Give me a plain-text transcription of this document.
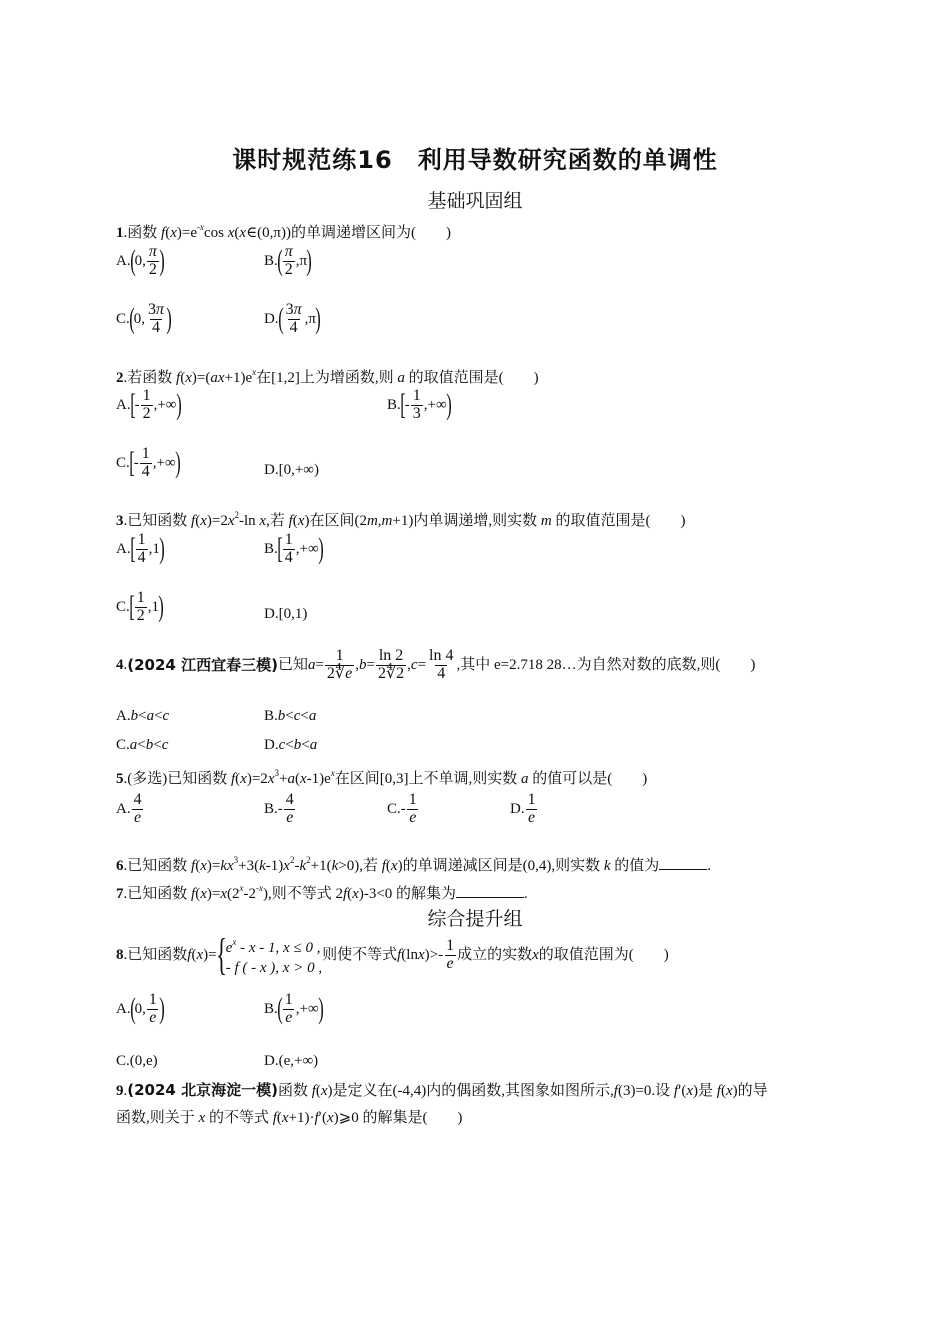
课时规范练16　利用导数研究函数的单调性
基础巩固组
1.函数 $f(x)=e^{-x}\cos$ x(x∈(0,π))的单调递增区间为(　　)
A. ( 0, $\frac{\pi}{2}$ )	B. ( $\frac{\pi}{2} ,\pi$ )
C. ( 0, $\frac{3\pi}{4}$ )	D. ( $\frac{3\pi}{4} ,\pi$ )
2.若函数 $f(x)=(ax+1)e^x$在[1,2]上为增函数,则 a 的取值范围是(　　)
A. [ - $\frac{1}{2}$ ,+∞ )	B. [ - $\frac{1}{3}$ ,+∞ )
C. [ - $\frac{1}{4}$ ,+∞ )	D.[0,+∞)
3.已知函数 $f(x)=2x^2-\ln$ x,若 f(x)在区间(2m,m+1)内单调递增,则实数 m 的取值范围是(　　)
A. [ $\frac{1}{4} ,1$ )	B. [ $\frac{1}{4}$ ,+∞ )
C. [ $\frac{1}{2} ,1$ )	D.[0,1)
4 . (2024 江西宜春三模) 已知 $a = \frac{1}{2∜e}$ , $b = \frac{\ln 2}{2∜2}$ , $c = \frac{\ln 4}{4}$ ,其中 e=2.718 28…为自然对数的底数,则(　　)
A.b<a<c	B.b<c<a
C.a<b<c	D.c<b<a
5.(多选)已知函数 $f(x)=2x^3+a(x-1)e^x$在区间[0,3]上不单调,则实数 a 的值可以是(　　)
A. $\frac{4}{e}$	$B.- \frac{4}{e}$	$C.- \frac{1}{e}$	D. $\frac{1}{e}$
6.已知函数 $f(x)=kx^3+3(k-1)x^2-k^2+1(k>0)$,若 f(x)的单调递减区间是(0,4),则实数 k 的值为	.
7.已知函数 $f(x)=x(2^x-2^{-x})$,则不等式 2f(x)-3<0 的解集为	.
综合提升组
8 .已知函数 f ( x )= { $e^x$ - x - 1, x ≤ 0 ,
- f ( - x ), x > 0 ,
则使不等式 f (ln x )>- $\frac{1}{e}$ 成立的实数 x 的取值范围为(　　)
A. ( 0, $\frac{1}{e}$ )	B. ( $\frac{1}{e}$ ,+∞ )
C.(0,e)	D.(e,+∞)
9.(2024 北京海淀一模)函数 f(x)是定义在(-4,4)内的偶函数,其图象如图所示,f(3)=0.设 f′(x)是 f(x)的导
函数,则关于 x 的不等式 f(x+1)·f′(x)⩾0 的解集是(　　)
